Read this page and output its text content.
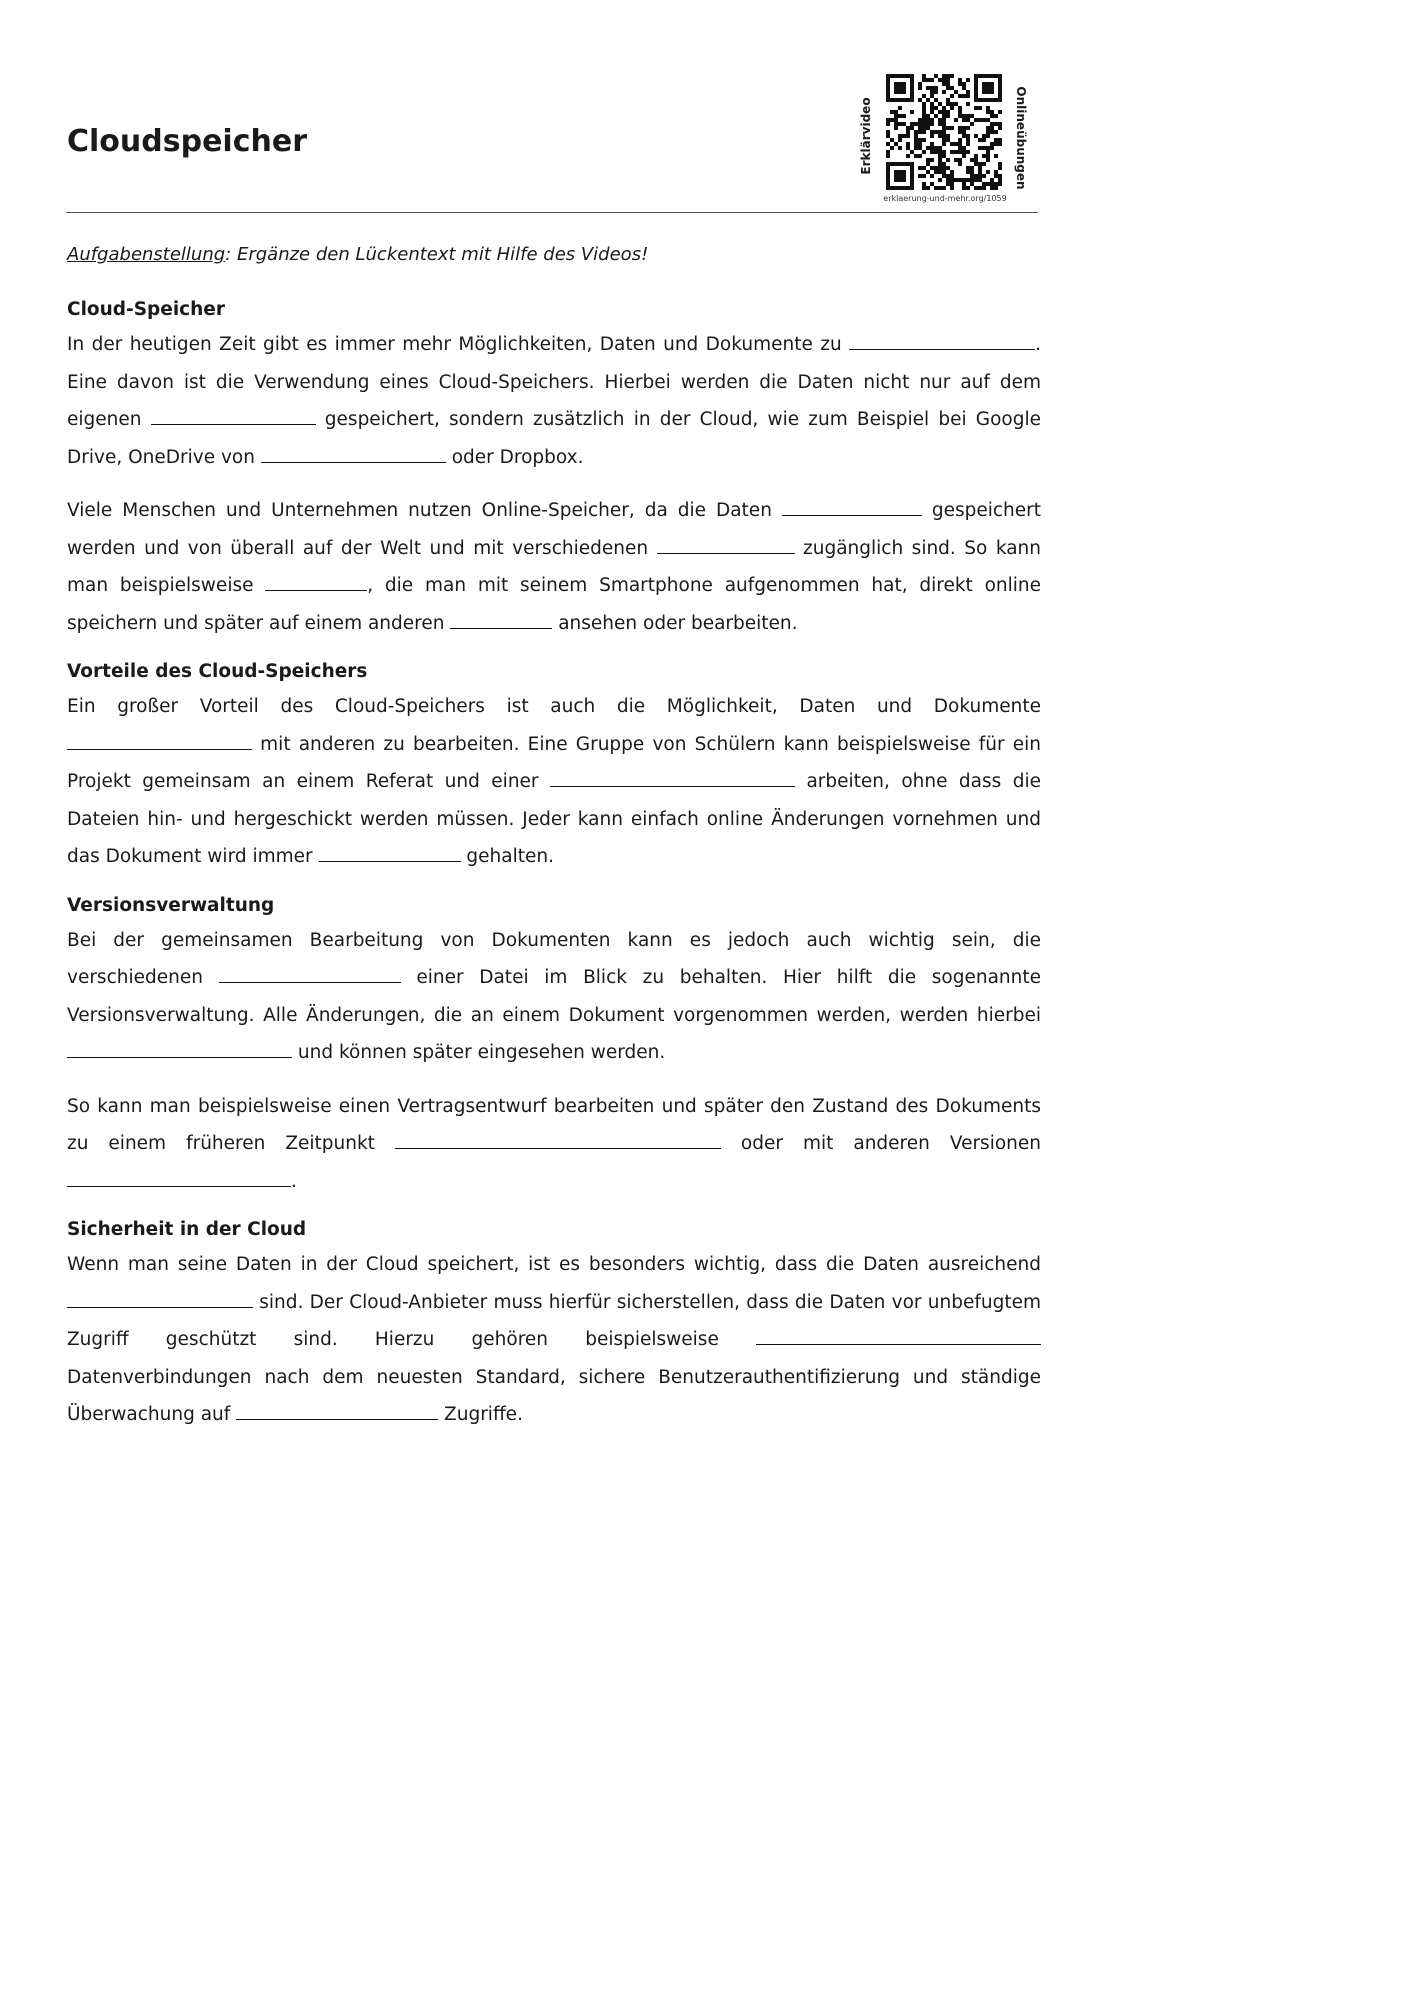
Cloudspeicher	Erklärvideo	Onlineübungen
erklaerung-und-mehr.org/1059
Aufgabenstellung: Ergänze den Lückentext mit Hilfe des Videos!
Cloud-Speicher

In der heutigen Zeit gibt es immer mehr Möglichkeiten, Daten und Dokumente zu	. Eine davon ist die Verwendung eines Cloud-Speichers. Hierbei werden die Daten nicht nur auf dem eigenen	gespeichert, sondern zusätzlich in der Cloud, wie zum Beispiel bei Google Drive, OneDrive von	oder Dropbox.

Viele Menschen und Unternehmen nutzen Online-Speicher, da die Daten	gespeichert werden und von überall auf der Welt und mit verschiedenen	zugänglich sind. So kann man beispielsweise	, die man mit seinem Smartphone aufgenommen hat, direkt online speichern und später auf einem anderen	ansehen oder bearbeiten.

Vorteile des Cloud-Speichers

Ein großer Vorteil des Cloud-Speichers ist auch die Möglichkeit, Daten und Dokumente  mit anderen zu bearbeiten. Eine Gruppe von Schülern kann beispielsweise für ein Projekt gemeinsam an einem Referat und einer	arbeiten, ohne dass die Dateien hin- und hergeschickt werden müssen. Jeder kann einfach online Änderungen vornehmen und das Dokument wird immer	gehalten.

Versionsverwaltung

Bei der gemeinsamen Bearbeitung von Dokumenten kann es jedoch auch wichtig sein, die verschiedenen	einer Datei im Blick zu behalten. Hier hilft die sogenannte Versionsverwaltung. Alle Änderungen, die an einem Dokument vorgenommen werden, werden hierbei  und können später eingesehen werden.

So kann man beispielsweise einen Vertragsentwurf bearbeiten und später den Zustand des Dokuments zu einem früheren Zeitpunkt	oder mit anderen Versionen .

Sicherheit in der Cloud

Wenn man seine Daten in der Cloud speichert, ist es besonders wichtig, dass die Daten ausreichend  sind. Der Cloud-Anbieter muss hierfür sicherstellen, dass die Daten vor unbefugtem Zugriff geschützt sind. Hierzu gehören beispielsweise  Datenverbindungen nach dem neuesten Standard, sichere Benutzerauthentifizierung und ständige Überwachung auf	Zugriffe.
